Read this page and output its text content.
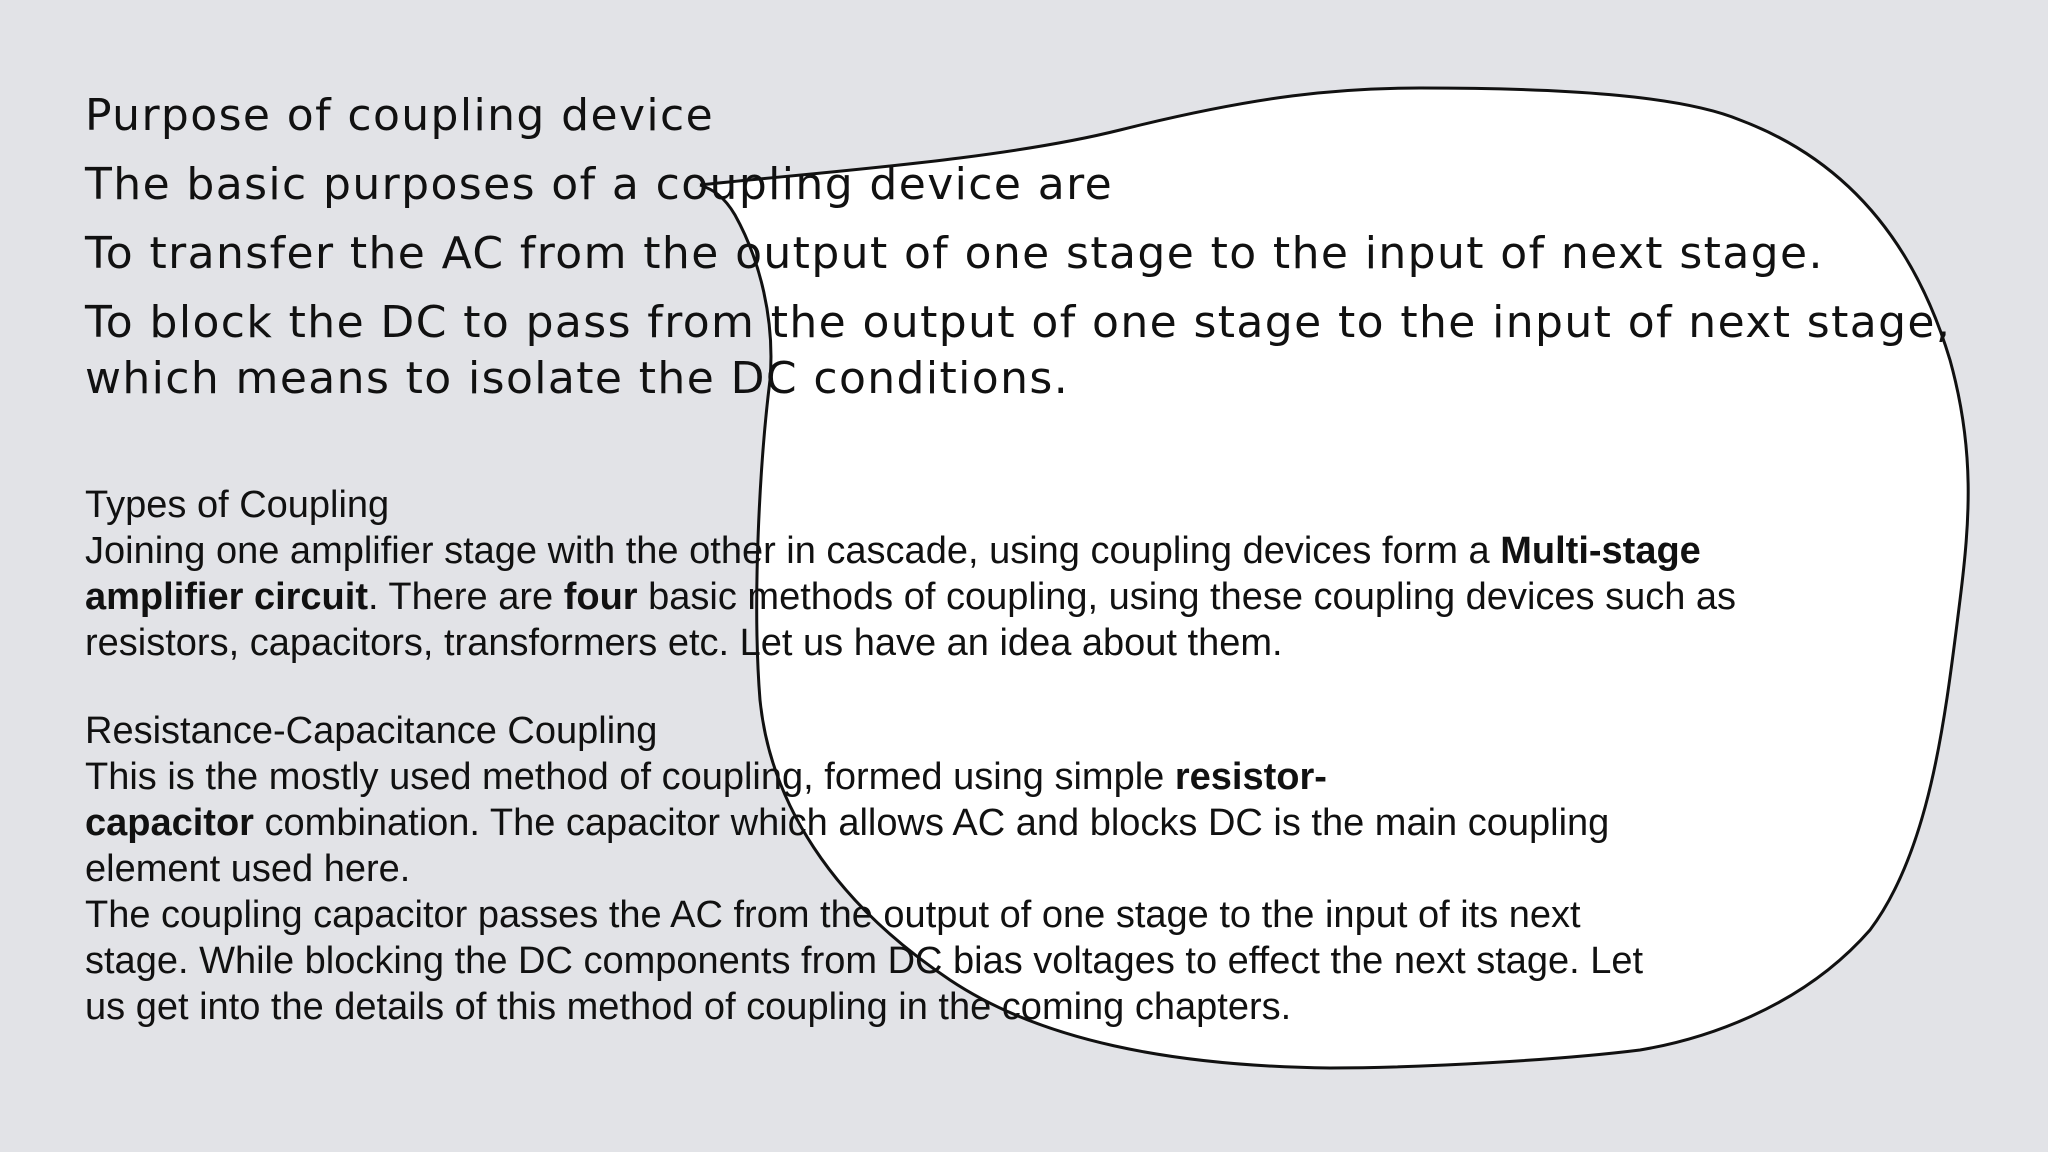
Purpose of coupling device
The basic purposes of a coupling device are
To transfer the AC from the output of one stage to the input of next stage.
To block the DC to pass from the output of one stage to the input of next stage,
which means to isolate the DC conditions.
Types of Coupling
Joining one amplifier stage with the other in cascade, using coupling devices form a Multi-stage
amplifier circuit. There are four basic methods of coupling, using these coupling devices such as
resistors, capacitors, transformers etc. Let us have an idea about them.
Resistance-Capacitance Coupling
This is the mostly used method of coupling, formed using simple resistor-
capacitor combination. The capacitor which allows AC and blocks DC is the main coupling
element used here.
The coupling capacitor passes the AC from the output of one stage to the input of its next
stage. While blocking the DC components from DC bias voltages to effect the next stage. Let
us get into the details of this method of coupling in the coming chapters.
